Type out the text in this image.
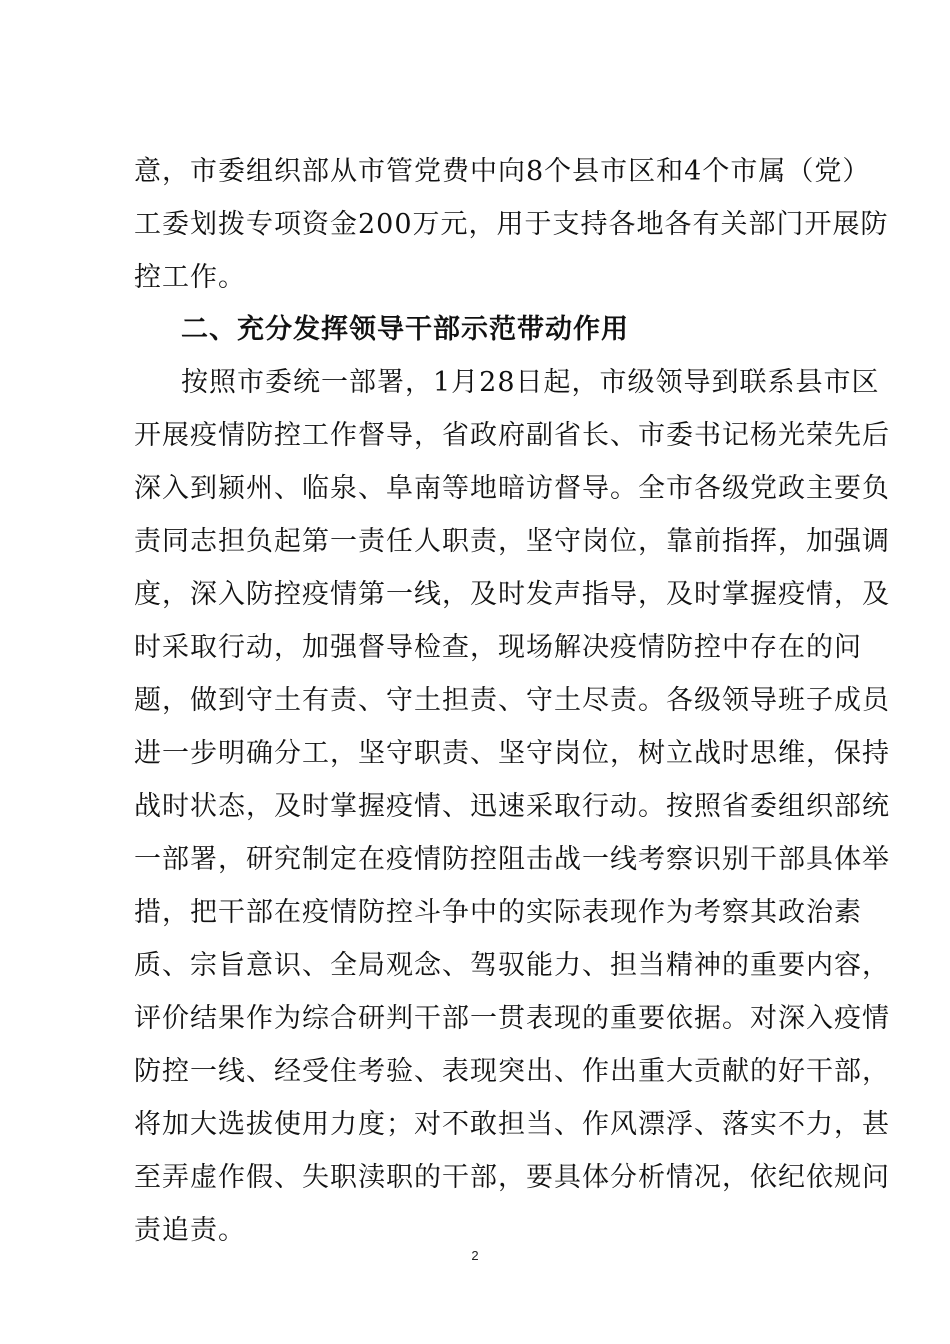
意，市委组织部从市管党费中向8个县市区和4个市属（党）
工委划拨专项资金200万元，用于支持各地各有关部门开展防
控工作。
二、充分发挥领导干部示范带动作用
按照市委统一部署，1月28日起，市级领导到联系县市区
开展疫情防控工作督导，省政府副省长、市委书记杨光荣先后
深入到颍州、临泉、阜南等地暗访督导。全市各级党政主要负
责同志担负起第一责任人职责，坚守岗位，靠前指挥，加强调
度，深入防控疫情第一线，及时发声指导，及时掌握疫情，及
时采取行动，加强督导检查，现场解决疫情防控中存在的问
题，做到守土有责、守土担责、守土尽责。各级领导班子成员
进一步明确分工，坚守职责、坚守岗位，树立战时思维，保持
战时状态，及时掌握疫情、迅速采取行动。按照省委组织部统
一部署，研究制定在疫情防控阻击战一线考察识别干部具体举
措，把干部在疫情防控斗争中的实际表现作为考察其政治素
质、宗旨意识、全局观念、驾驭能力、担当精神的重要内容，
评价结果作为综合研判干部一贯表现的重要依据。对深入疫情
防控一线、经受住考验、表现突出、作出重大贡献的好干部，
将加大选拔使用力度；对不敢担当、作风漂浮、落实不力，甚
至弄虚作假、失职渎职的干部，要具体分析情况，依纪依规问
责追责。
2
